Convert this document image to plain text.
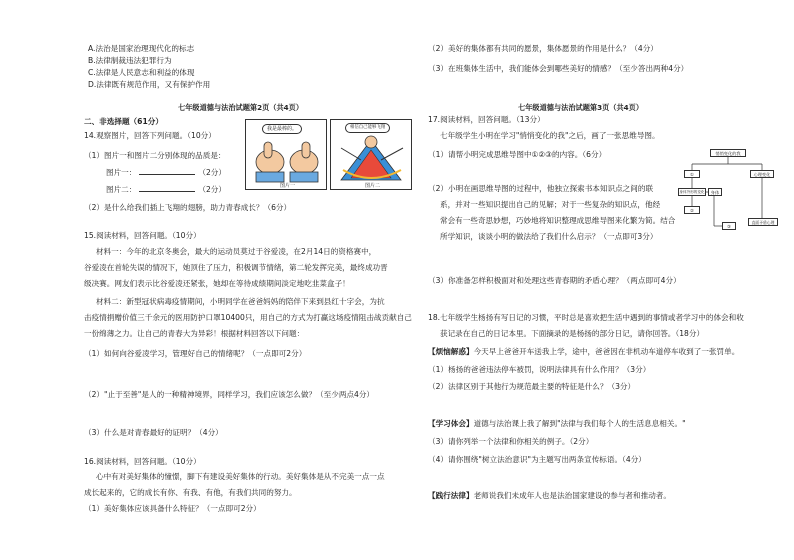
A.法治是国家治理现代化的标志
B.法律制裁违法犯罪行为
C.法律是人民意志和利益的体现
D.法律既有规范作用，又有保护作用
七年级道德与法治试题第2页（共4页）
二、非选择题（61分）
14.观察图片，回答下列问题。（10分）
（1）图片一和图片二分别体现的品质是：
图片一：	（2分）
图片二：	（2分）
（2）是什么给我们插上飞翔的翅膀，助力青春成长？（6分）
我是最棒的。
图片一
相信自己能够飞翔
图片二
15.阅读材料，回答问题。（10分）
材料一：今年的北京冬奥会，最大的运动员莫过于谷爱凌，在2月14日的资格赛中，
谷爱凌在首轮失误的情况下，她顶住了压力，积极调节情绪，第二轮发挥完美，最终成功晋
级决赛。网友们表示比谷爱凌还紧张，她却在等待成绩期间淡定地吃韭菜盒子！
材料二：新型冠状病毒疫情期间，小明同学在爸爸妈妈的陪伴下来到县红十字会，为抗
击疫情捐赠价值三千余元的医用防护口罩10400只，用自己的方式为打赢这场疫情阻击战贡献自己
一份绵薄之力。让自己的青春大为异彩！根据材料回答以下问题：
（1）如何向谷爱凌学习，管理好自己的情绪呢？（一点即可2分）
（2）"止于至善"是人的一种精神境界，同样学习，我们应该怎么做？（至少两点4分）
（3）什么是对青春最好的证明？（4分）
16.阅读材料，回答问题。（10分）
心中有对美好集体的憧憬，脚下有建设美好集体的行动。美好集体是从不完美一点一点
成长起来的，它的成长有你、有我、有他，有我们共同的努力。
（1）美好集体应该具备什么特征？（一点即可2分）
（2）美好的集体都有共同的愿景，集体愿景的作用是什么？（4分）
（3）在班集体生活中，我们能体会到哪些美好的情感？（至少答出两种4分）
七年级道德与法治试题第3页（共4页）
17.阅读材料，回答问题。（13分）
七年级学生小明在学习"悄悄变化的我"之后，画了一张思维导图。
（1）请帮小明完成思维导图中①②③的内容。（6分）
（2）小明在画思维导图的过程中，他独立探索书本知识点之间的联
系，并对一些知识提出自己的见解；对于一些复杂的知识点，他经
常会有一些奇思妙想，巧妙地将知识整理成思维导图来化繁为简。结合
所学知识，谈谈小明的做法给了我们什么启示？（一点即可3分）
（3）你准备怎样积极面对和处理这些青春期的矛盾心理？（两点即可4分）
悄悄变化的我
①
身体外形的变化
②
身体
心理变化
直面矛盾心理
③
18.七年级学生杨扬有写日记的习惯，平时总是喜欢把生活中遇到的事情或者学习中的体会和收
获记录在自己的日记本里。下面摘录的是杨扬的部分日记，请你回答。（18分）
【烦恼解惑】今天早上爸爸开车送我上学，途中，爸爸因在非机动车道停车收到了一张罚单。
（1）杨扬的爸爸违法停车被罚，说明法律具有什么作用？（3分）
（2）法律区别于其他行为规范最主要的特征是什么？（3分）
【学习体会】道德与法治课上我了解到"法律与我们每个人的生活息息相关。"
（3）请你列举一个法律和你相关的例子。（2分）
（4）请你围绕"树立法治意识"为主题写出两条宣传标语。（4分）
【践行法律】老师说我们未成年人也是法治国家建设的参与者和推动者。
